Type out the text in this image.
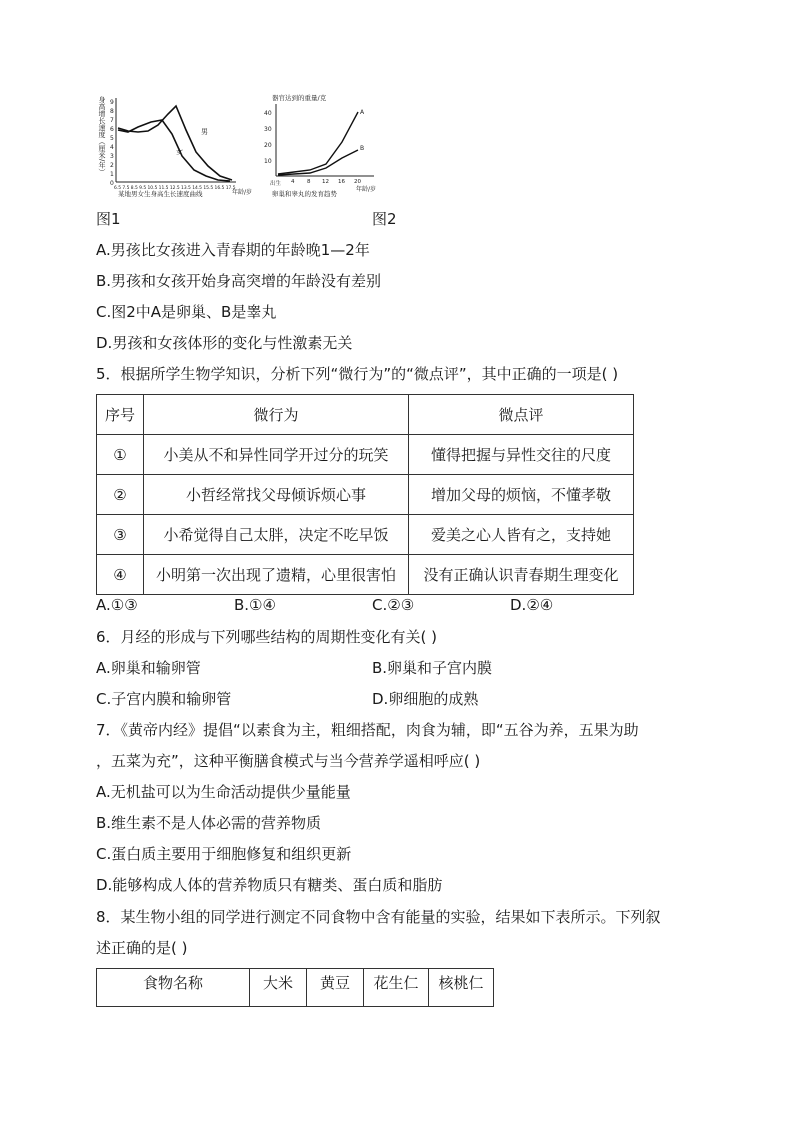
身高增长速度（厘米/年） 9
8
7
6
5
4
3
2
1
0
男
女
6.5 7.5 8.5 9.5 10.5 11.5 12.5 13.5 14.5 15.5 16.5 17.5
年龄/岁
某地男女生身高生长速度曲线
器官达到的重量/克
40
30
20
10
A
B
出生 4 8 12 16 20
年龄/岁
卵巢和睾丸的发育趋势
图1	图2
A.男孩比女孩进入青春期的年龄晚1—2年
B.男孩和女孩开始身高突增的年龄没有差别
C.图2中A是卵巢、B是睾丸
D.男孩和女孩体形的变化与性激素无关
5．根据所学生物学知识，分析下列“微行为”的“微点评”，其中正确的一项是( )
序号	微行为	微点评
①	小美从不和异性同学开过分的玩笑	懂得把握与异性交往的尺度
②	小哲经常找父母倾诉烦心事	增加父母的烦恼，不懂孝敬
③	小希觉得自己太胖，决定不吃早饭	爱美之心人皆有之，支持她
④	小明第一次出现了遗精，心里很害怕	没有正确认识青春期生理变化
A.①③	B.①④	C.②③	D.②④
6．月经的形成与下列哪些结构的周期性变化有关( )
A.卵巢和输卵管	B.卵巢和子宫内膜
C.子宫内膜和输卵管	D.卵细胞的成熟
7．《黄帝内经》提倡“以素食为主，粗细搭配，肉食为辅，即“五谷为养，五果为助
，五菜为充”，这种平衡膳食模式与当今营养学遥相呼应( )
A.无机盐可以为生命活动提供少量能量
B.维生素不是人体必需的营养物质
C.蛋白质主要用于细胞修复和组织更新
D.能够构成人体的营养物质只有糖类、蛋白质和脂肪
8．某生物小组的同学进行测定不同食物中含有能量的实验，结果如下表所示。下列叙
述正确的是( )
食物名称	大米	黄豆	花生仁	核桃仁
